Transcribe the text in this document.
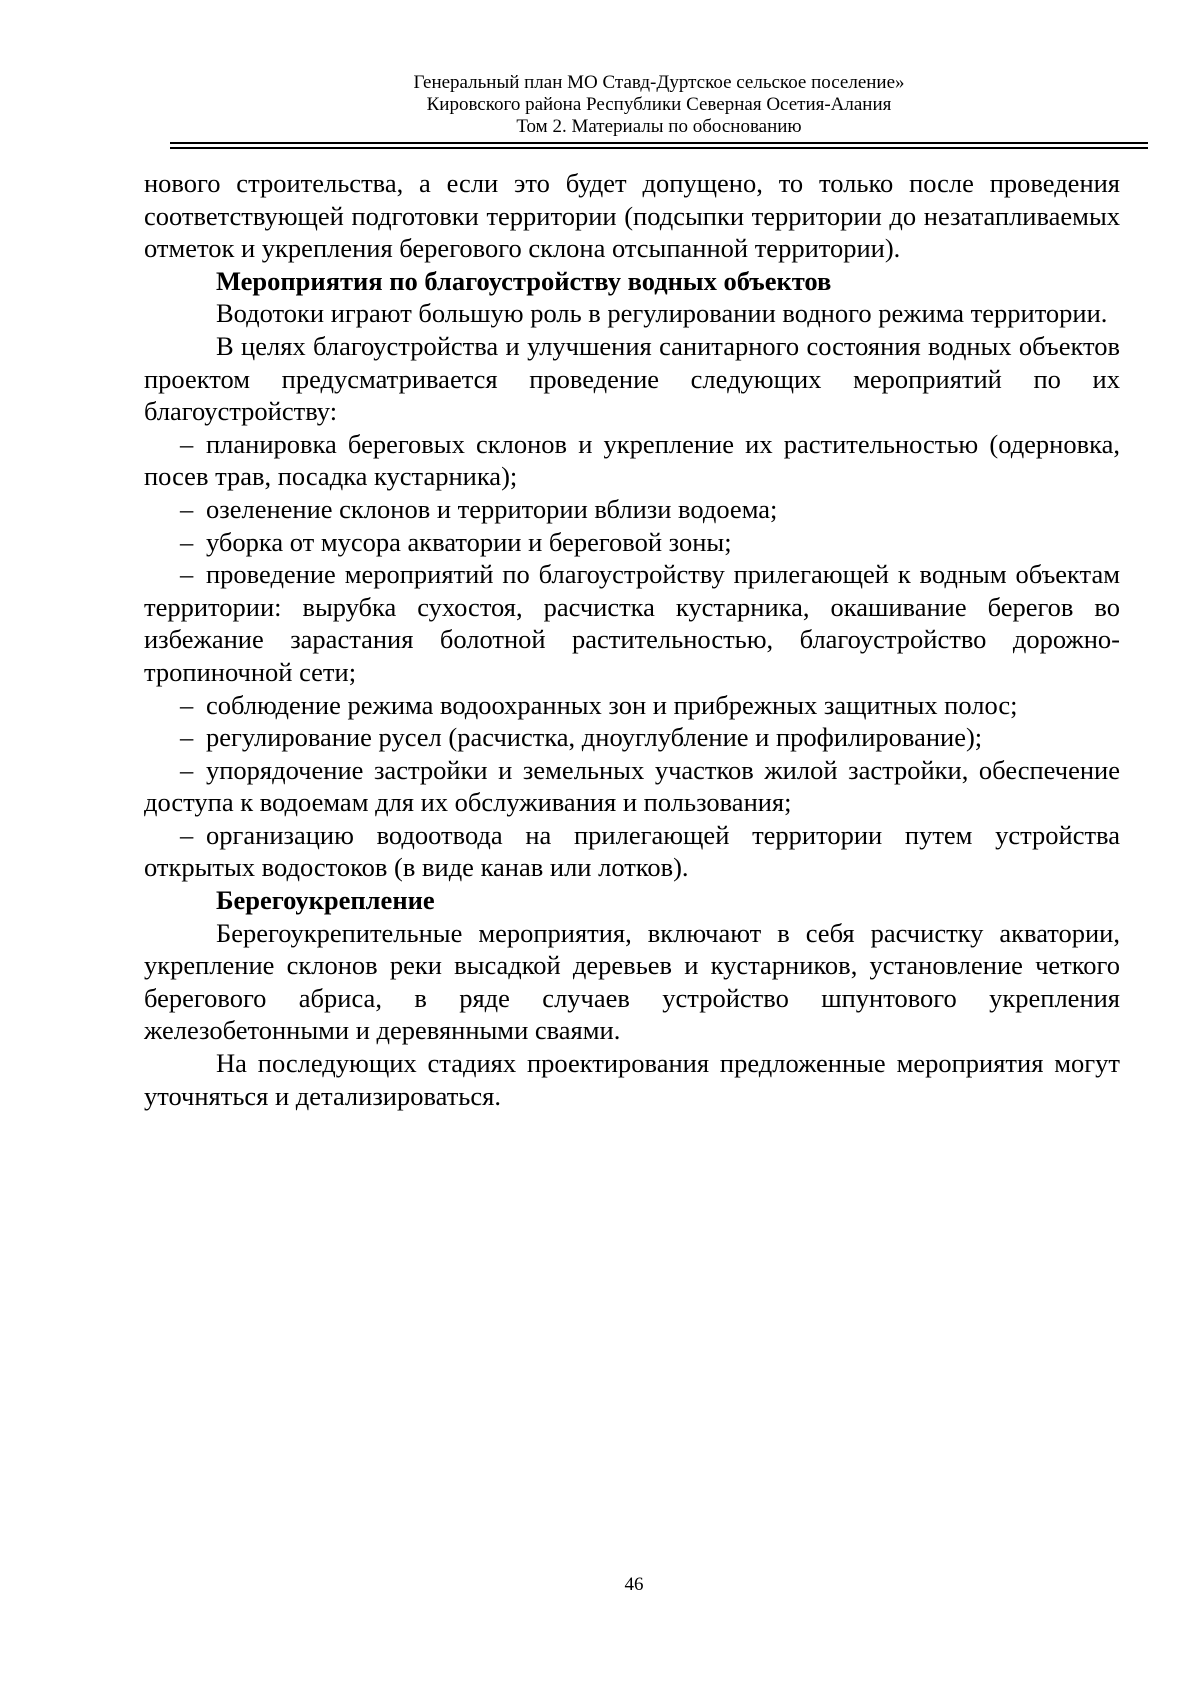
Генеральный план МО Ставд-Дуртское сельское поселение»
Кировского района Республики Северная Осетия-Алания
Том 2. Материалы по обоснованию

нового строительства, а если это будет допущено, то только после проведения соответствующей подготовки территории (подсыпки территории до незатапливаемых отметок и укрепления берегового склона отсыпанной территории).

Мероприятия по благоустройству водных объектов

Водотоки играют большую роль в регулировании водного режима территории.

В целях благоустройства и улучшения санитарного состояния водных объектов проектом предусматривается проведение следующих мероприятий по их благоустройству:

– планировка береговых склонов и укрепление их растительностью (одерновка, посев трав, посадка кустарника);

– озеленение склонов и территории вблизи водоема;

– уборка от мусора акватории и береговой зоны;

– проведение мероприятий по благоустройству прилегающей к водным объектам территории: вырубка сухостоя, расчистка кустарника, окашивание берегов во избежание зарастания болотной растительностью, благоустройство дорожно-тропиночной сети;

– соблюдение режима водоохранных зон и прибрежных защитных полос;

– регулирование русел (расчистка, дноуглубление и профилирование);

– упорядочение застройки и земельных участков жилой застройки, обеспечение доступа к водоемам для их обслуживания и пользования;

– организацию водоотвода на прилегающей территории путем устройства открытых водостоков (в виде канав или лотков).

Берегоукрепление

Берегоукрепительные мероприятия, включают в себя расчистку акватории, укрепление склонов реки высадкой деревьев и кустарников, установление четкого берегового абриса, в ряде случаев устройство шпунтового укрепления железобетонными и деревянными сваями.

На последующих стадиях проектирования предложенные мероприятия могут уточняться и детализироваться.

46
